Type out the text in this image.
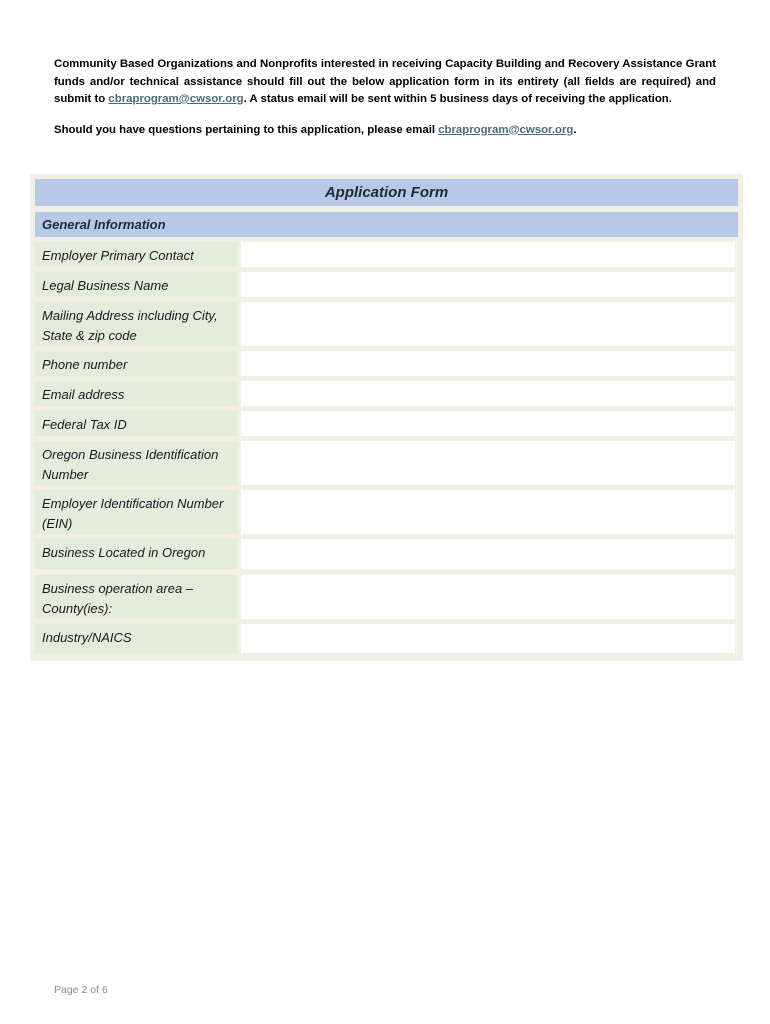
Community Based Organizations and Nonprofits interested in receiving Capacity Building and Recovery Assistance Grant funds and/or technical assistance should fill out the below application form in its entirety (all fields are required) and submit to cbraprogram@cwsor.org. A status email will be sent within 5 business days of receiving the application.

Should you have questions pertaining to this application, please email cbraprogram@cwsor.org.

Application Form
General Information
Employer Primary Contact
Legal Business Name
Mailing Address including City, State & zip code
Phone number
Email address
Federal Tax ID
Oregon Business Identification Number
Employer Identification Number (EIN)
Business Located in Oregon
Business operation area – County(ies):
Industry/NAICS
Page 2 of 6
